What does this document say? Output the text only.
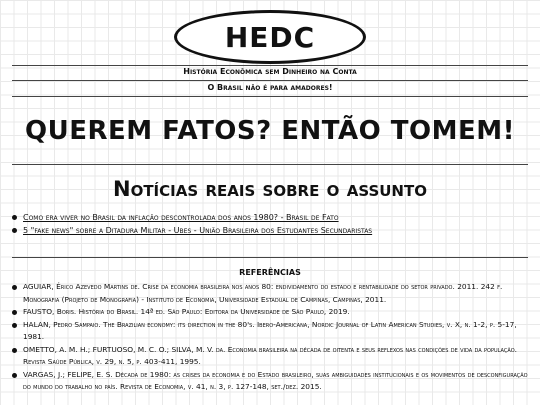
HEDC
História Econômica sem Dinheiro na Conta
O Brasil não é para amadores!
QUEREM FATOS? ENTÃO TOMEM!
Notícias reais sobre o assunto
Como era viver no Brasil da inflação descontrolada dos anos 1980? - Brasil de Fato
5 "fake news" sobre a Ditadura Militar - Ubes - União Brasileira dos Estudantes Secundaristas
REFERÊNCIAS
AGUIAR, Érico Azevedo Martins de. Crise da economia brasileira nos anos 80: endividamento do estado e rentabilidade do setor privado. 2011. 242 f. Monografia (Projeto de Monografia) - Instituto de Economia, Universidade Estadual de Campinas, Campinas, 2011.
FAUSTO, Boris. História do Brasil. 14ª ed. São Paulo: Editora da Universidade de São Paulo, 2019.
HALAN, Pedro Sampaio. The Brazilian economy: its direction in the 80's. Ibero-Americana, Nordic Journal of Latin American Studies, v. X, n. 1-2, p. 5-17, 1981.
OMETTO, A. M. H.; FURTUOSO, M. C. O.; SILVA, M. V. da. Economia brasileira na década de oitenta e seus reflexos nas condições de vida da população. Revista Saúde Pública, v. 29, n. 5, p. 403-411, 1995.
VARGAS, J.; FELIPE, E. S. Década de 1980: as crises da economia e do Estado brasileiro, suas ambiguidades institucionais e os movimentos de desconfiguração do mundo do trabalho no país. Revista de Economia, v. 41, n. 3, p. 127-148, set./dez. 2015.
